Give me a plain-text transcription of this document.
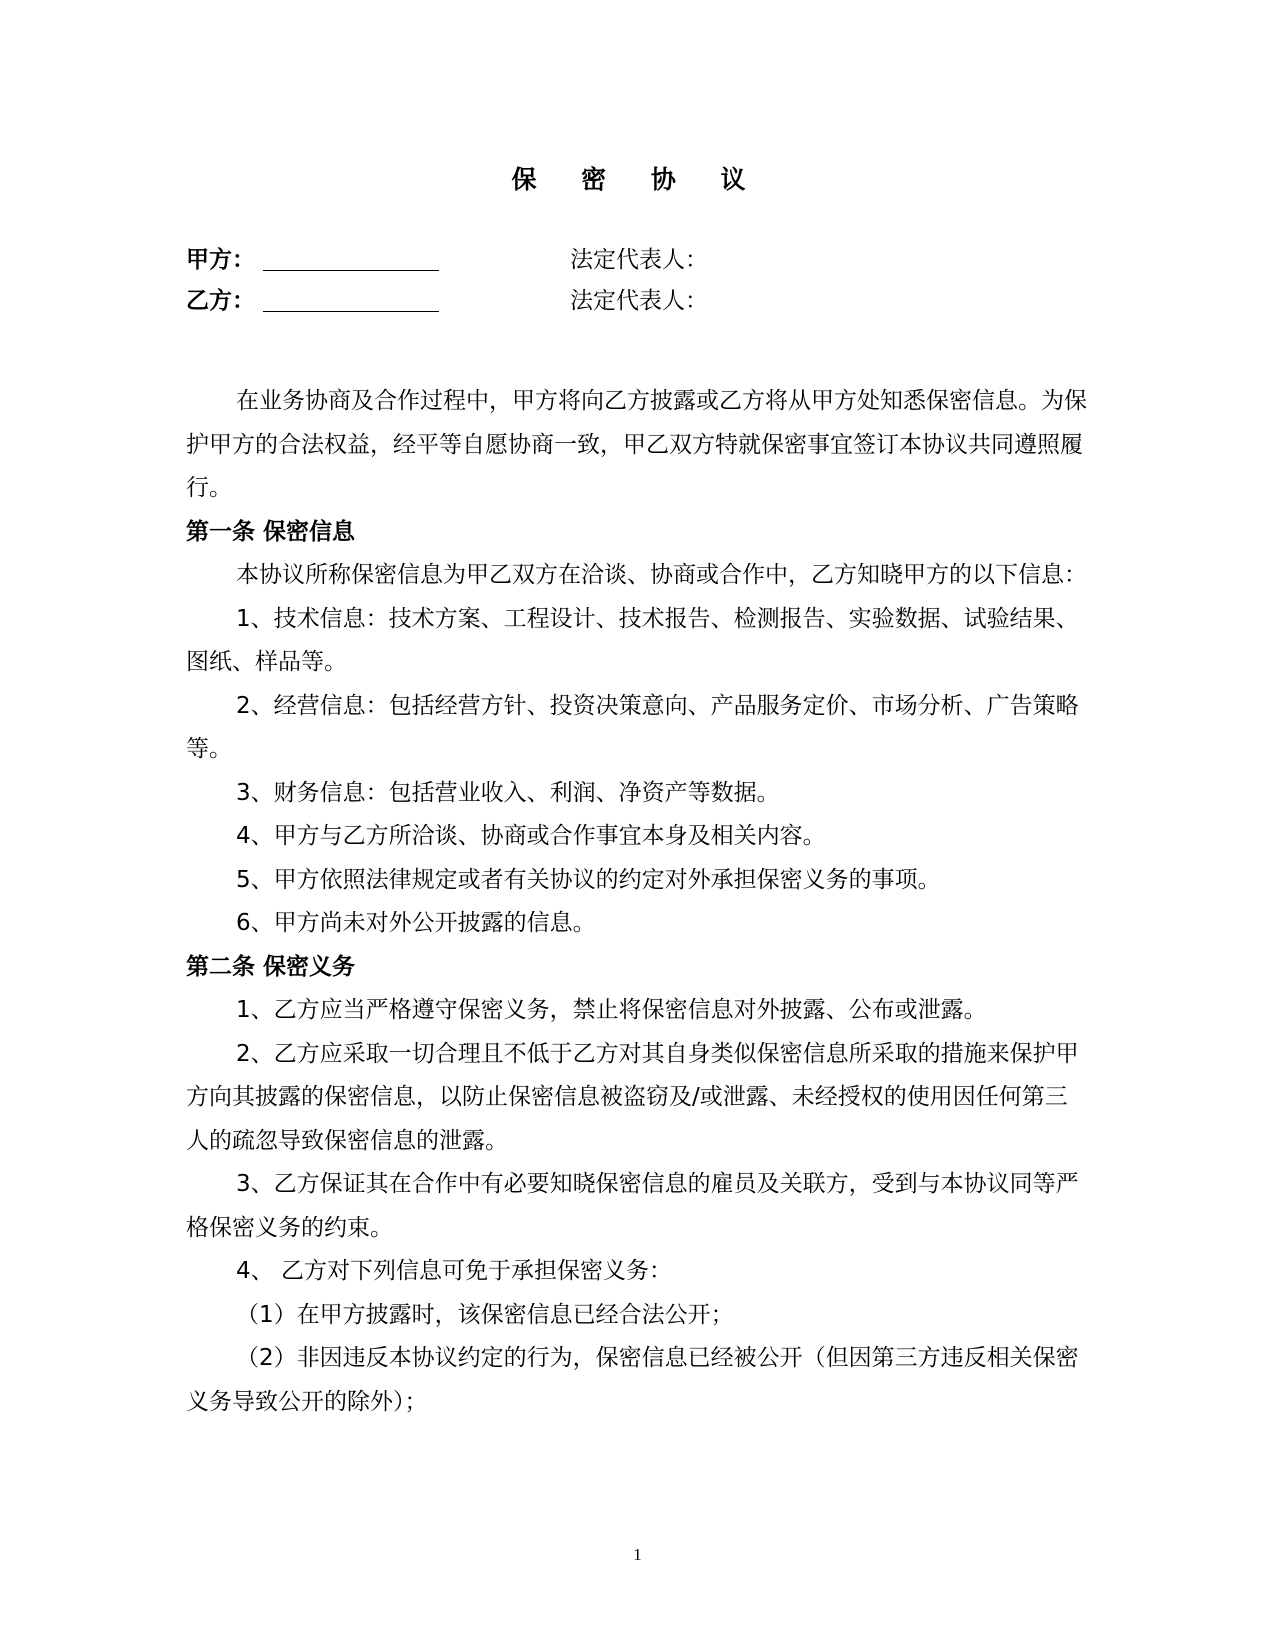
保 密 协 议
甲方：	法定代表人：
乙方：	法定代表人：

在业务协商及合作过程中，甲方将向乙方披露或乙方将从甲方处知悉保密信息。为保护甲方的合法权益，经平等自愿协商一致，甲乙双方特就保密事宜签订本协议共同遵照履行。

第一条 保密信息

本协议所称保密信息为甲乙双方在洽谈、协商或合作中，乙方知晓甲方的以下信息：

1、技术信息：技术方案、工程设计、技术报告、检测报告、实验数据、试验结果、图纸、样品等。

2、经营信息：包括经营方针、投资决策意向、产品服务定价、市场分析、广告策略等。

3、财务信息：包括营业收入、利润、净资产等数据。

4、甲方与乙方所洽谈、协商或合作事宜本身及相关内容。

5、甲方依照法律规定或者有关协议的约定对外承担保密义务的事项。

6、甲方尚未对外公开披露的信息。

第二条 保密义务

1、乙方应当严格遵守保密义务，禁止将保密信息对外披露、公布或泄露。

2、乙方应采取一切合理且不低于乙方对其自身类似保密信息所采取的措施来保护甲方向其披露的保密信息，以防止保密信息被盗窃及/或泄露、未经授权的使用因任何第三人的疏忽导致保密信息的泄露。

3、乙方保证其在合作中有必要知晓保密信息的雇员及关联方，受到与本协议同等严格保密义务的约束。

4、 乙方对下列信息可免于承担保密义务：

（1）在甲方披露时，该保密信息已经合法公开；

（2）非因违反本协议约定的行为，保密信息已经被公开（但因第三方违反相关保密义务导致公开的除外）；

1
